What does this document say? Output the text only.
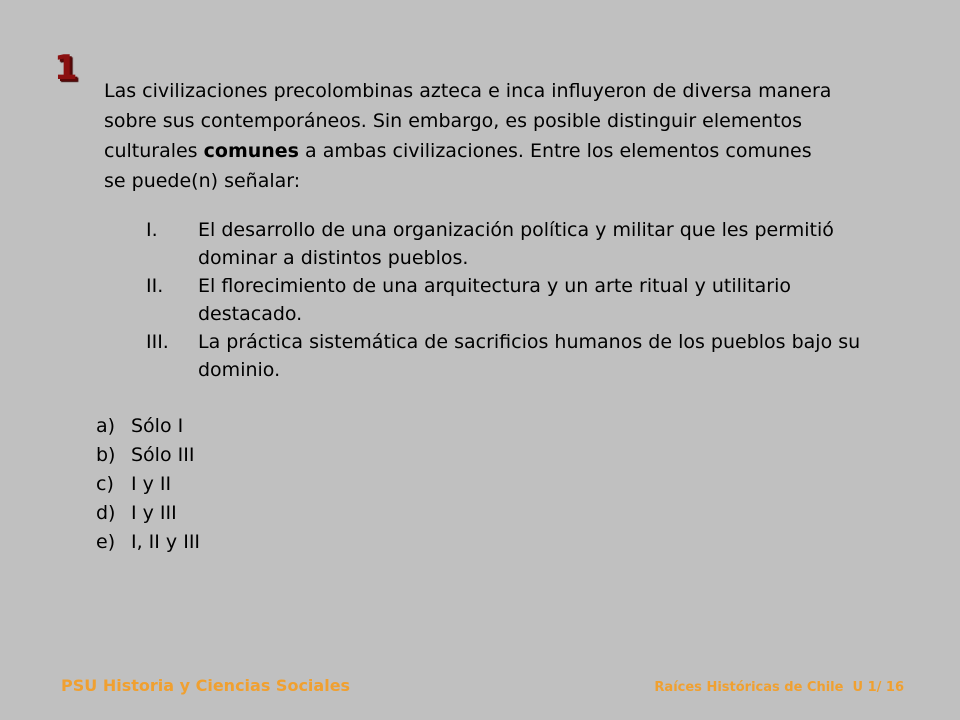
1
Las civilizaciones precolombinas azteca e inca influyeron de diversa manera sobre sus contemporáneos. Sin embargo, es posible distinguir elementos culturales comunes a ambas civilizaciones. Entre los elementos comunes se puede(n) señalar:
I.	El desarrollo de una organización política y militar que les permitió dominar a distintos pueblos.
II.	El florecimiento de una arquitectura y un arte ritual y utilitario destacado.
III.	La práctica sistemática de sacrificios humanos de los pueblos bajo su dominio.
a) Sólo I
b) Sólo III
c) I y II
d) I y III
e) I, II y III
PSU Historia y Ciencias Sociales	Raíces Históricas de Chile  U 1/ 16
